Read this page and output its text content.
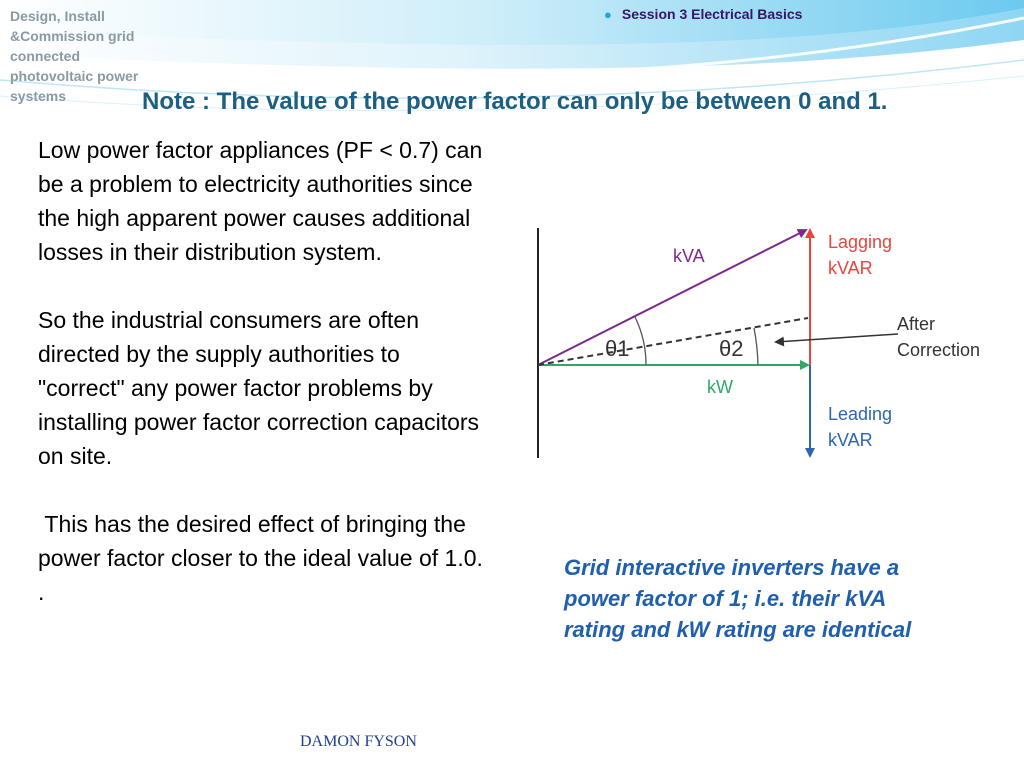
Design, Install &Commission grid connected photovoltaic power systems
● Session 3 Electrical Basics
Note : The value of the power factor can only be between 0 and 1.

Low power factor appliances (PF < 0.7) can be a problem to electricity authorities since the high apparent power causes additional losses in their distribution system.

So the industrial consumers are often directed by the supply authorities to "correct" any power factor problems by installing power factor correction capacitors on site.

This has the desired effect of bringing the power factor closer to the ideal value of 1.0.

.

kVA
θ1	θ2
kW
Lagging kVAR
After Correction
Leading kVAR
Grid interactive inverters have a power factor of 1; i.e. their kVA rating and kW rating are identical
DAMON FYSON
